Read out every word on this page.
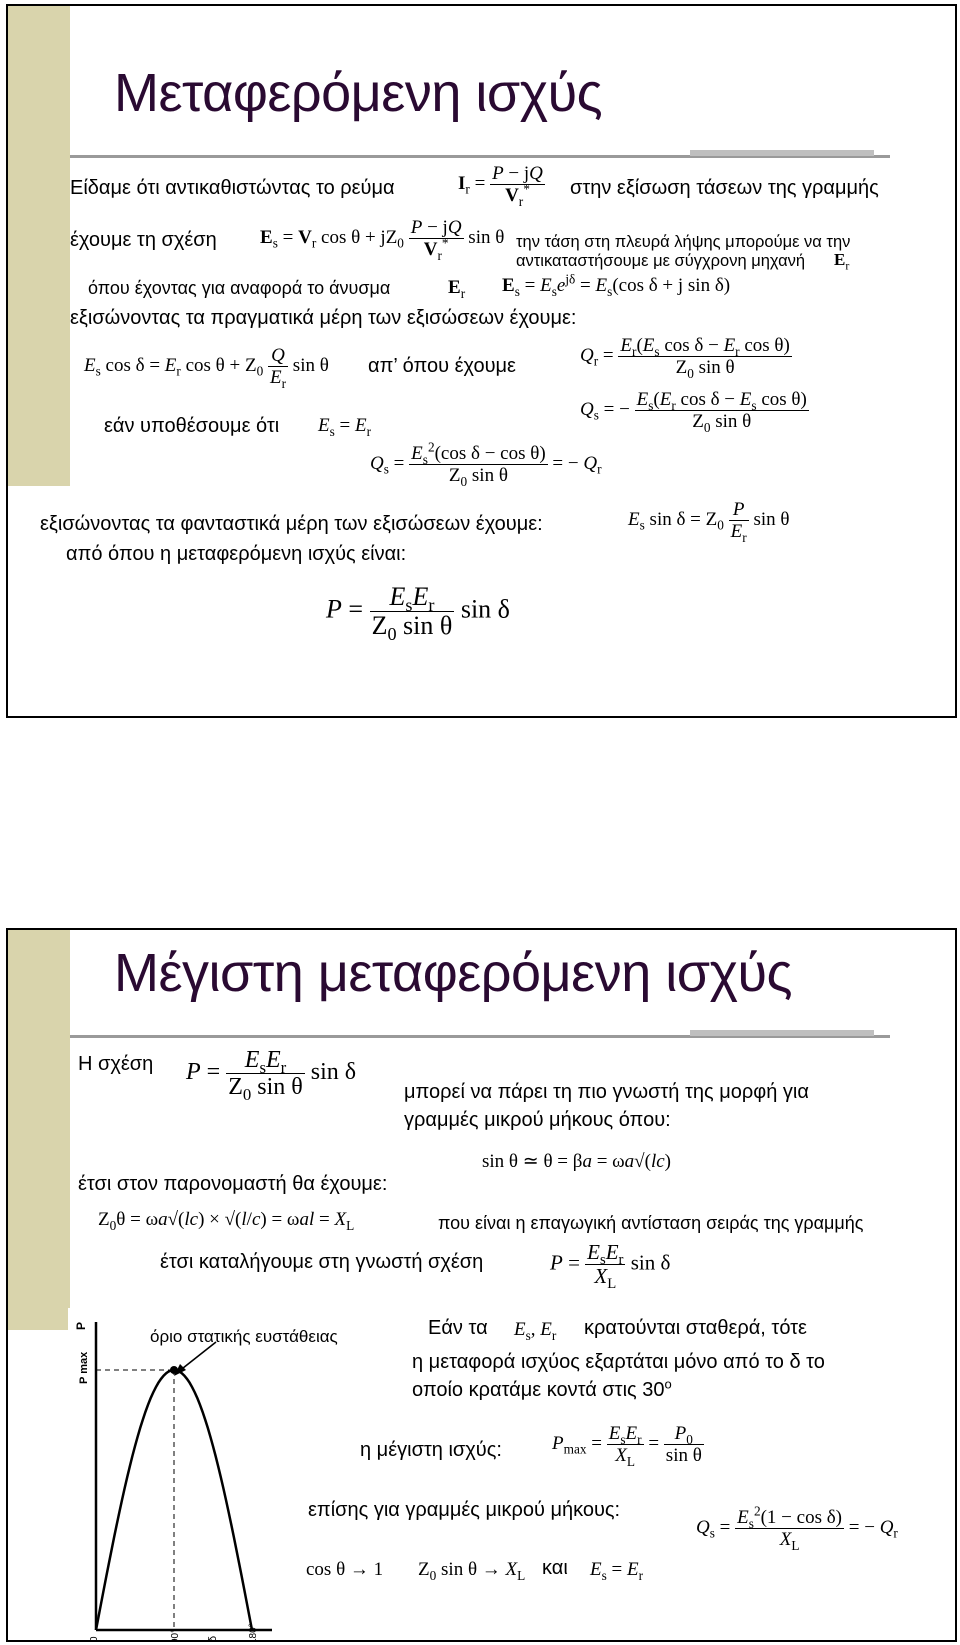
Μεταφερόμενη ισχύς
Είδαμε ότι αντικαθιστώντας το ρεύμα	$I_r = \frac{P - jQ}{V_r^*}$ στην εξίσωση τάσεων της γραμμής
έχουμε τη σχέση $E_s = V_r$ $\cos \theta + jZ_0 \frac{P - jQ}{V_r^*}$ sin θ την τάση στη πλευρά λήψης μπορούμε να την
αντικαταστήσουμε με σύγχρονη μηχανή $E_r$
όπου έχοντας για αναφορά το άνυσμα	$E_r$ $E_s = E_se^{j\delta} = E_s(\cos$ δ + j sin δ)
εξισώνοντας τα πραγματικά μέρη των εξισώσεων έχουμε:
$E_s$ $\cos \delta = E_r$ $\cos \theta + Z_0 \frac{Q}{E_r}$ sin θ απ’ όπου έχουμε	$Q_r = \frac{E_r(E_s \cos \delta - E_r \cos \theta)}{Z_0 \sin \theta}$
$Q_s$ = − $\frac{E_s(E_r \cos \delta - E_s \cos \theta)}{Z_0 \sin \theta}$
εάν υποθέσουμε ότι $E_s = E_r$
$Q_s = \frac{E_s^2(\cos \delta - \cos \theta)}{Z_0 \sin \theta}$ = − $Q_r$
εξισώνοντας τα φανταστικά μέρη των εξισώσεων έχουμε:	$E_s$ $\sin \delta = Z_0 \frac{P}{E_r}$ sin θ
από όπου η μεταφερόμενη ισχύς είναι:
$P = \frac{E_sE_r}{Z_0 \sin \theta}$ sin δ
Μέγιστη μεταφερόμενη ισχύς
Η σχέση $P = \frac{E_sE_r}{Z_0 \sin \theta}$ sin δ
μπορεί να πάρει τη πιο γνωστή της μορφή για
γραμμές μικρού μήκους όπου:
sin θ ≃ θ = βa = ωa√(lc)
έτσι στον παρονομαστή θα έχουμε:
$Z_0\theta = \omega a√(lc) \times √(l/c) = \omega al = X_L$	που είναι η επαγωγική αντίσταση σειράς της γραμμής
έτσι καταλήγουμε στη γνωστή σχέση	$P = \frac{E_sE_r}{X_L}$ sin δ
P
P max
0	90° δ	180°
όριο στατικής ευστάθειας	Εάν τα $E_s$, $E_r$ κρατούνται σταθερά, τότε
η μεταφορά ισχύος εξαρτάται μόνο από το δ το
οποίο κρατάμε κοντά στις 30$^o$
η μέγιστη ισχύς:	$P_{max} = \frac{E_sE_r}{X_L} = \frac{P_0}{\text{sin θ}}$
επίσης για γραμμές μικρού μήκους:
$Q_s = \frac{E_s^2(1 - \cos \delta)}{X_L}$ = − $Q_r$
cos θ → 1 $Z_0$ $\sin \theta \to X_L$ και $E_s = E_r$
